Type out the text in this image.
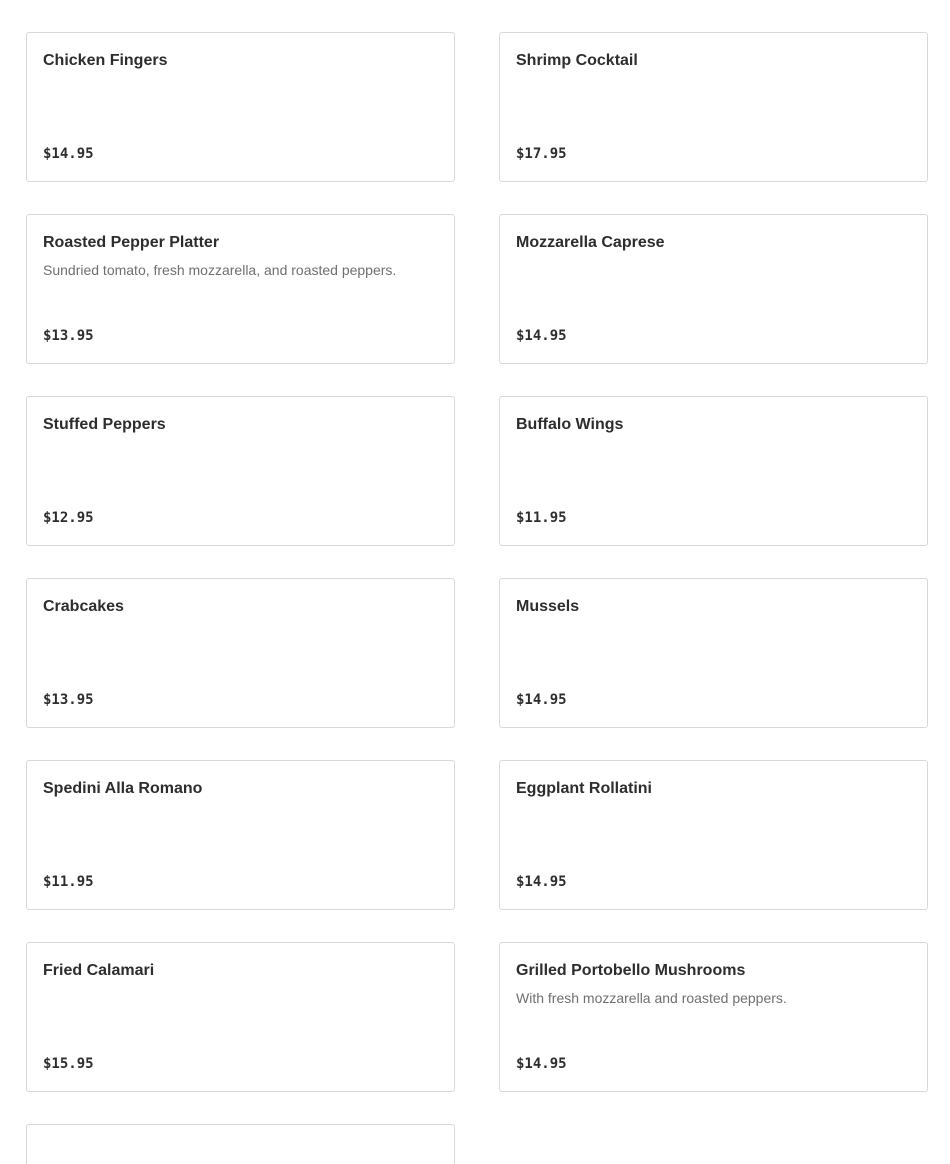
Chicken Fingers
$14.95
Shrimp Cocktail
$17.95
Roasted Pepper Platter
Sundried tomato, fresh mozzarella, and roasted peppers.
$13.95
Mozzarella Caprese
$14.95
Stuffed Peppers
$12.95
Buffalo Wings
$11.95
Crabcakes
$13.95
Mussels
$14.95
Spedini Alla Romano
$11.95
Eggplant Rollatini
$14.95
Fried Calamari
$15.95
Grilled Portobello Mushrooms
With fresh mozzarella and roasted peppers.
$14.95
